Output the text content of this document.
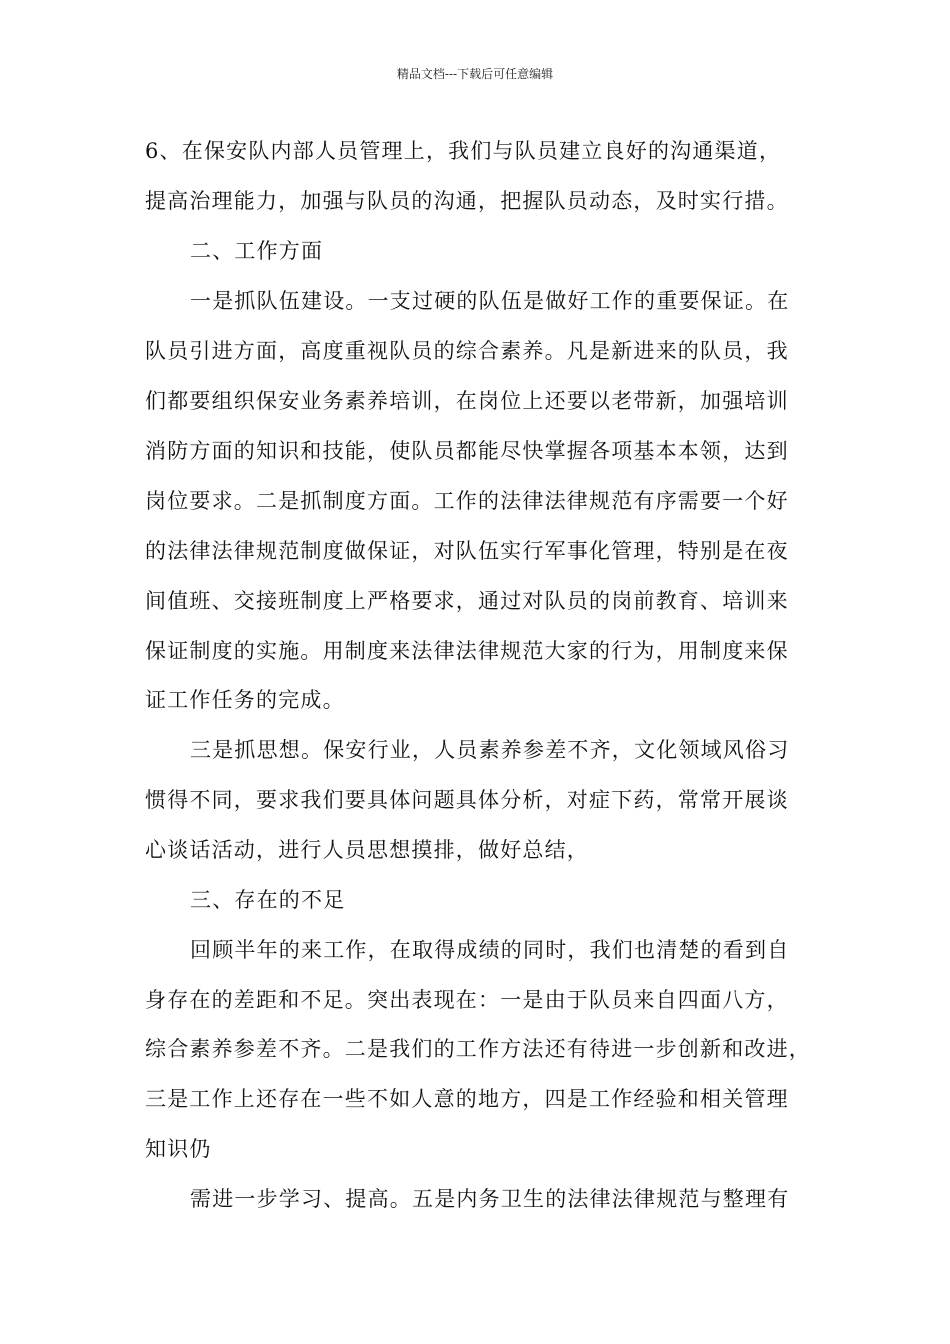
精品文档---下载后可任意编辑
6、在保安队内部人员管理上，我们与队员建立良好的沟通渠道，
提高治理能力，加强与队员的沟通，把握队员动态，及时实行措。
二、工作方面
一是抓队伍建设。一支过硬的队伍是做好工作的重要保证。在
队员引进方面，高度重视队员的综合素养。凡是新进来的队员，我
们都要组织保安业务素养培训，在岗位上还要以老带新，加强培训
消防方面的知识和技能，使队员都能尽快掌握各项基本本领，达到
岗位要求。二是抓制度方面。工作的法律法律规范有序需要一个好
的法律法律规范制度做保证，对队伍实行军事化管理，特别是在夜
间值班、交接班制度上严格要求，通过对队员的岗前教育、培训来
保证制度的实施。用制度来法律法律规范大家的行为，用制度来保
证工作任务的完成。
三是抓思想。保安行业，人员素养参差不齐，文化领域风俗习
惯得不同，要求我们要具体问题具体分析，对症下药，常常开展谈
心谈话活动，进行人员思想摸排，做好总结，
三、存在的不足
回顾半年的来工作，在取得成绩的同时，我们也清楚的看到自
身存在的差距和不足。突出表现在：一是由于队员来自四面八方，
综合素养参差不齐。二是我们的工作方法还有待进一步创新和改进，
三是工作上还存在一些不如人意的地方，四是工作经验和相关管理
知识仍
需进一步学习、提高。五是内务卫生的法律法律规范与整理有
